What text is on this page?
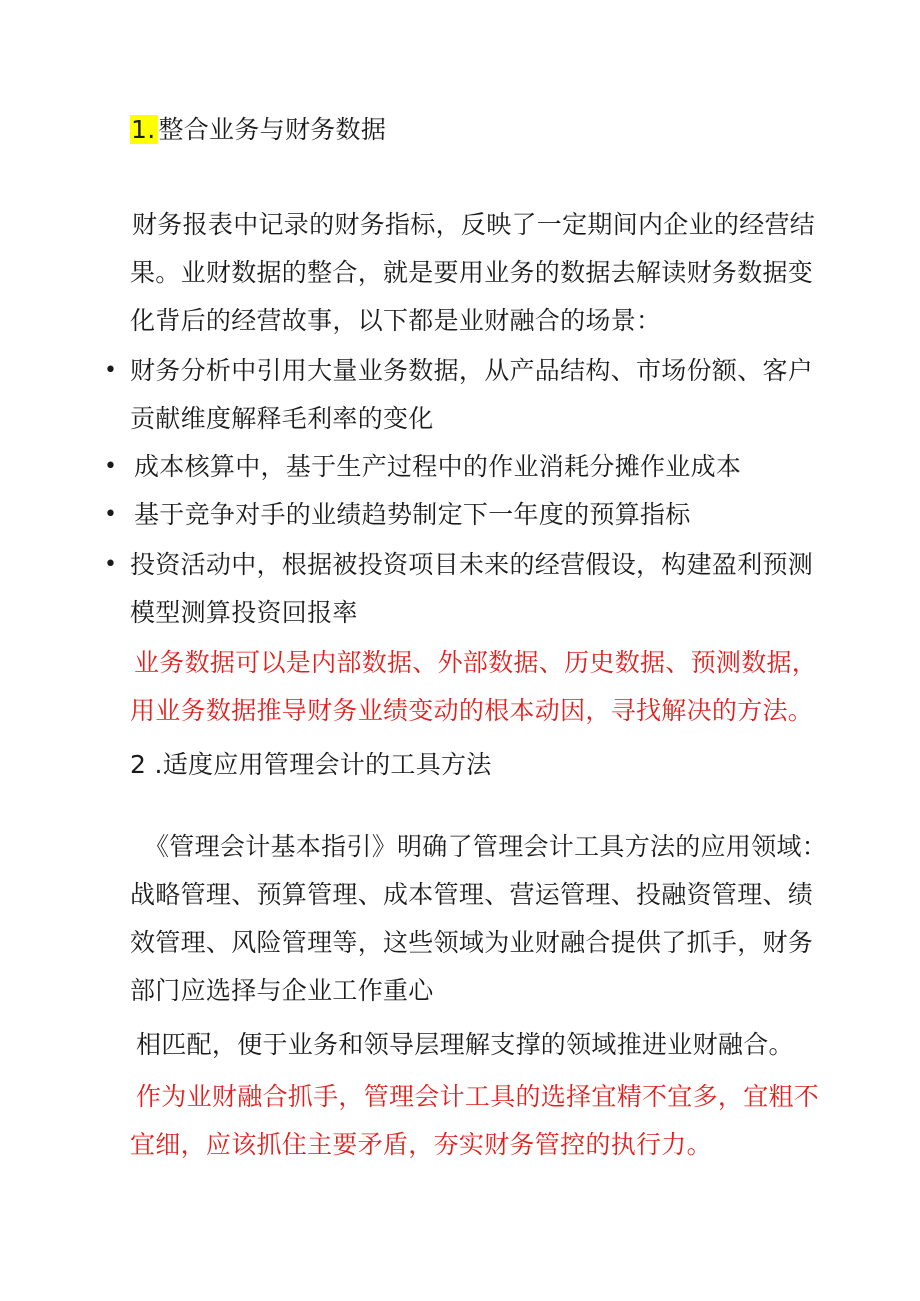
1. 整合业务与财务数据
财务报表中记录的财务指标，反映了一定期间内企业的经营结
果。业财数据的整合，就是要用业务的数据去解读财务数据变
化背后的经营故事，以下都是业财融合的场景：
• 财务分析中引用大量业务数据，从产品结构、市场份额、客户
贡献维度解释毛利率的变化
• 成本核算中，基于生产过程中的作业消耗分摊作业成本
• 基于竞争对手的业绩趋势制定下一年度的预算指标
• 投资活动中，根据被投资项目未来的经营假设，构建盈利预测
模型测算投资回报率
业务数据可以是内部数据、外部数据、历史数据、预测数据，
用业务数据推导财务业绩变动的根本动因，寻找解决的方法。
2 .适度应用管理会计的工具方法
《管理会计基本指引》明确了管理会计工具方法的应用领域：
战略管理、预算管理、成本管理、营运管理、投融资管理、绩
效管理、风险管理等，这些领域为业财融合提供了抓手，财务
部门应选择与企业工作重心
相匹配，便于业务和领导层理解支撑的领域推进业财融合。
作为业财融合抓手，管理会计工具的选择宜精不宜多，宜粗不
宜细，应该抓住主要矛盾，夯实财务管控的执行力。
